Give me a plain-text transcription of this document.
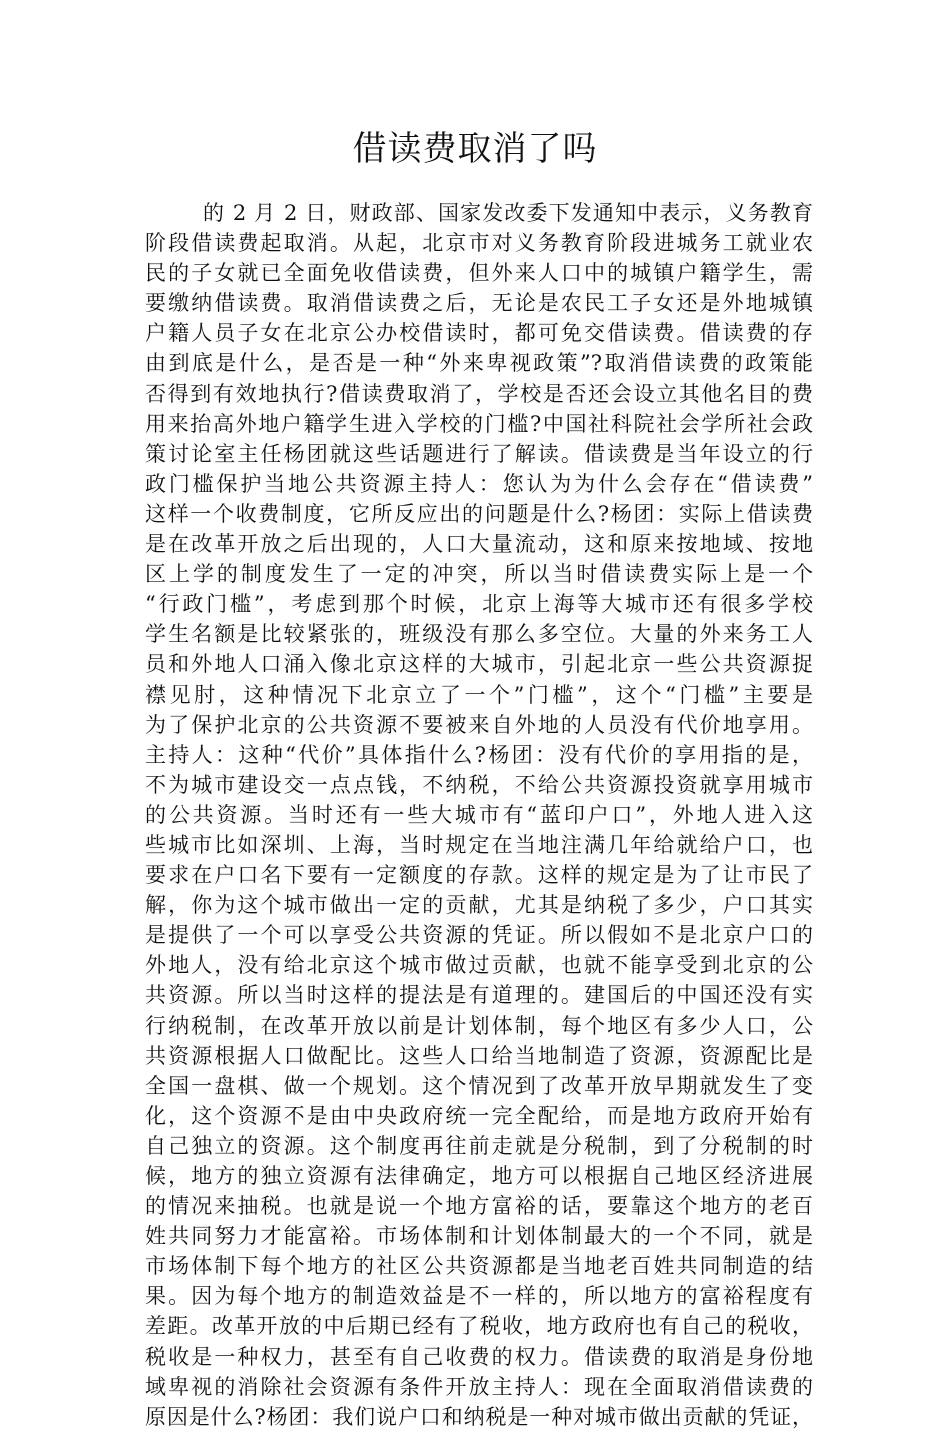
借读费取消了吗
的 2 月 2 日，财政部、国家发改委下发通知中表示，义务教育
阶段借读费起取消。从起，北京市对义务教育阶段进城务工就业农
民的子女就已全面免收借读费，但外来人口中的城镇户籍学生，需
要缴纳借读费。取消借读费之后，无论是农民工子女还是外地城镇
户籍人员子女在北京公办校借读时，都可免交借读费。借读费的存
由到底是什么，是否是一种“外来卑视政策”?取消借读费的政策能
否得到有效地执行?借读费取消了，学校是否还会设立其他名目的费
用来抬高外地户籍学生进入学校的门槛?中国社科院社会学所社会政
策讨论室主任杨团就这些话题进行了解读。借读费是当年设立的行
政门槛保护当地公共资源主持人：您认为为什么会存在“借读费”
这样一个收费制度，它所反应出的问题是什么?杨团：实际上借读费
是在改革开放之后出现的，人口大量流动，这和原来按地域、按地
区上学的制度发生了一定的冲突，所以当时借读费实际上是一个
“行政门槛”，考虑到那个时候，北京上海等大城市还有很多学校
学生名额是比较紧张的，班级没有那么多空位。大量的外来务工人
员和外地人口涌入像北京这样的大城市，引起北京一些公共资源捉
襟见肘，这种情况下北京立了一个”门槛”，这个“门槛”主要是
为了保护北京的公共资源不要被来自外地的人员没有代价地享用。
主持人：这种“代价”具体指什么?杨团：没有代价的享用指的是，
不为城市建设交一点点钱，不纳税，不给公共资源投资就享用城市
的公共资源。当时还有一些大城市有“蓝印户口”，外地人进入这
些城市比如深圳、上海，当时规定在当地注满几年给就给户口，也
要求在户口名下要有一定额度的存款。这样的规定是为了让市民了
解，你为这个城市做出一定的贡献，尤其是纳税了多少，户口其实
是提供了一个可以享受公共资源的凭证。所以假如不是北京户口的
外地人，没有给北京这个城市做过贡献，也就不能享受到北京的公
共资源。所以当时这样的提法是有道理的。建国后的中国还没有实
行纳税制，在改革开放以前是计划体制，每个地区有多少人口，公
共资源根据人口做配比。这些人口给当地制造了资源，资源配比是
全国一盘棋、做一个规划。这个情况到了改革开放早期就发生了变
化，这个资源不是由中央政府统一完全配给，而是地方政府开始有
自己独立的资源。这个制度再往前走就是分税制，到了分税制的时
候，地方的独立资源有法律确定，地方可以根据自己地区经济进展
的情况来抽税。也就是说一个地方富裕的话，要靠这个地方的老百
姓共同努力才能富裕。市场体制和计划体制最大的一个不同，就是
市场体制下每个地方的社区公共资源都是当地老百姓共同制造的结
果。因为每个地方的制造效益是不一样的，所以地方的富裕程度有
差距。改革开放的中后期已经有了税收，地方政府也有自己的税收，
税收是一种权力，甚至有自己收费的权力。借读费的取消是身份地
域卑视的消除社会资源有条件开放主持人：现在全面取消借读费的
原因是什么?杨团：我们说户口和纳税是一种对城市做出贡献的凭证，
